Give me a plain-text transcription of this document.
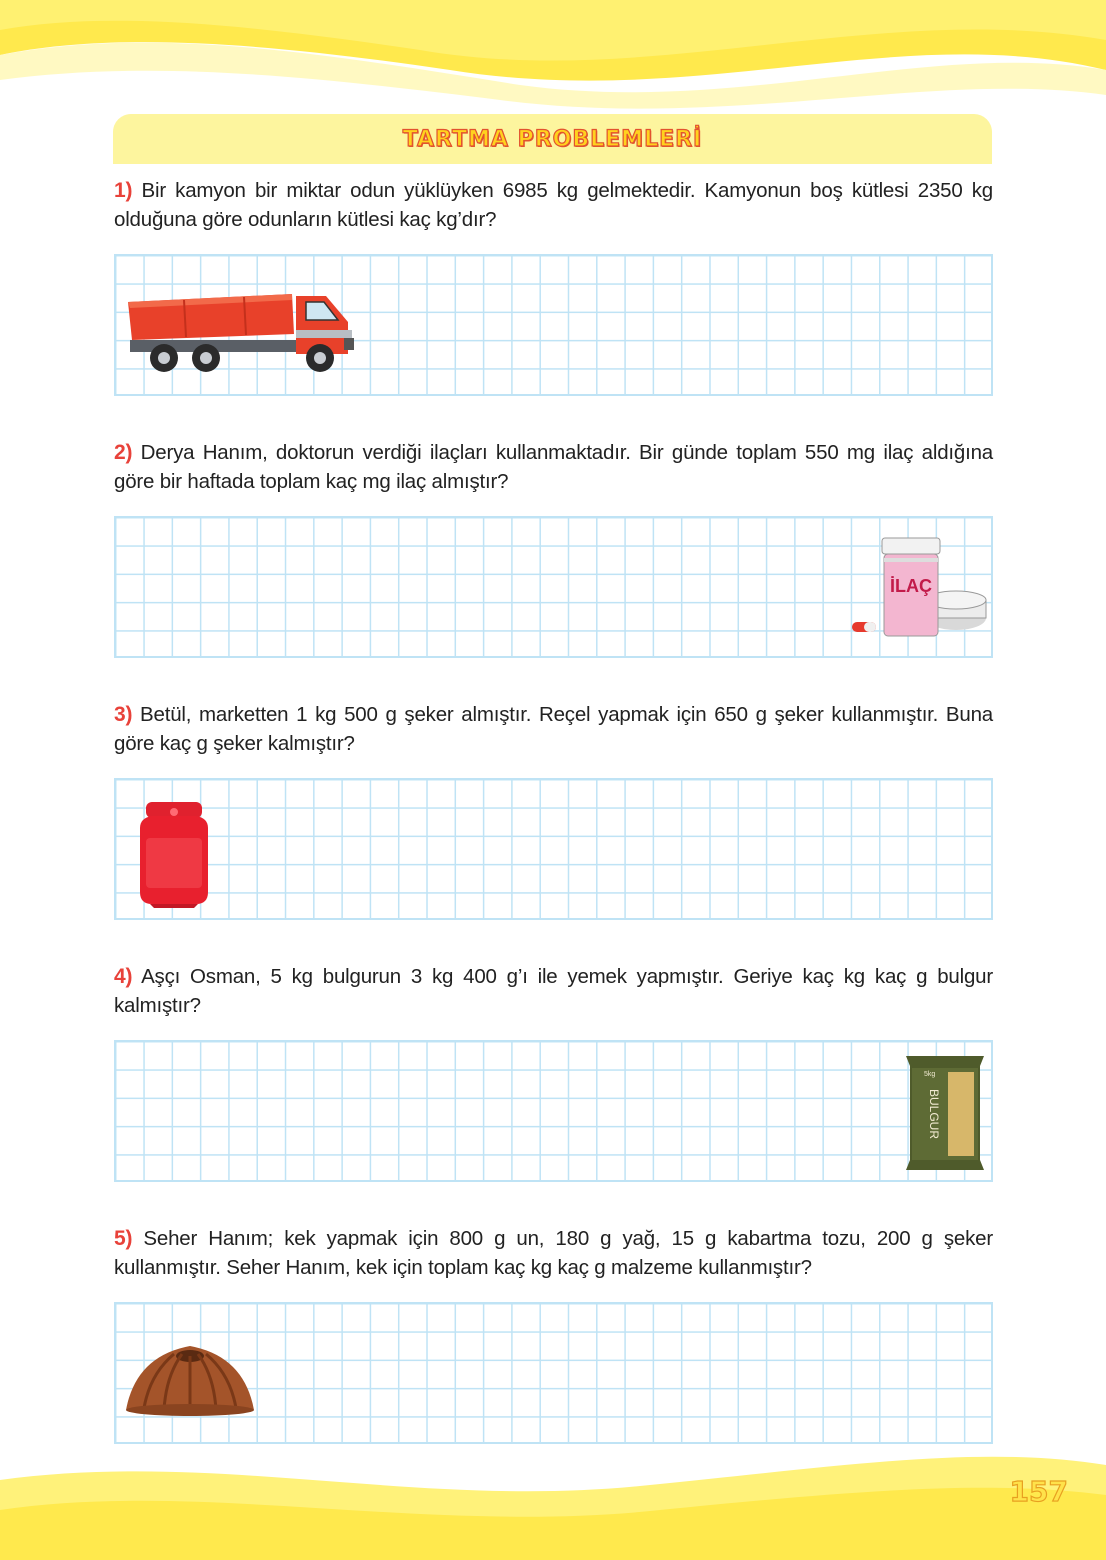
TARTMA PROBLEMLERİ

1) Bir kamyon bir miktar odun yüklüyken 6985 kg gelmektedir. Kamyonun boş kütlesi 2350 kg olduğuna göre odunların kütlesi kaç kg’dır?

2) Derya Hanım, doktorun verdiği ilaçları kullanmaktadır. Bir günde toplam 550 mg ilaç aldığına göre bir haftada toplam kaç mg ilaç almıştır?

İLAÇ

3) Betül, marketten 1 kg 500 g şeker almıştır. Reçel yapmak için 650 g şeker kullanmıştır. Buna göre kaç g şeker kalmıştır?

4) Aşçı Osman, 5 kg bulgurun 3 kg 400 g’ı ile yemek yapmıştır. Geriye kaç kg kaç g bulgur kalmıştır?

BULGUR
5kg

5) Seher Hanım; kek yapmak için 800 g un, 180 g yağ, 15 g kabartma tozu, 200 g şeker kullanmıştır. Seher Hanım, kek için toplam kaç kg kaç g malzeme kullanmıştır?

157
